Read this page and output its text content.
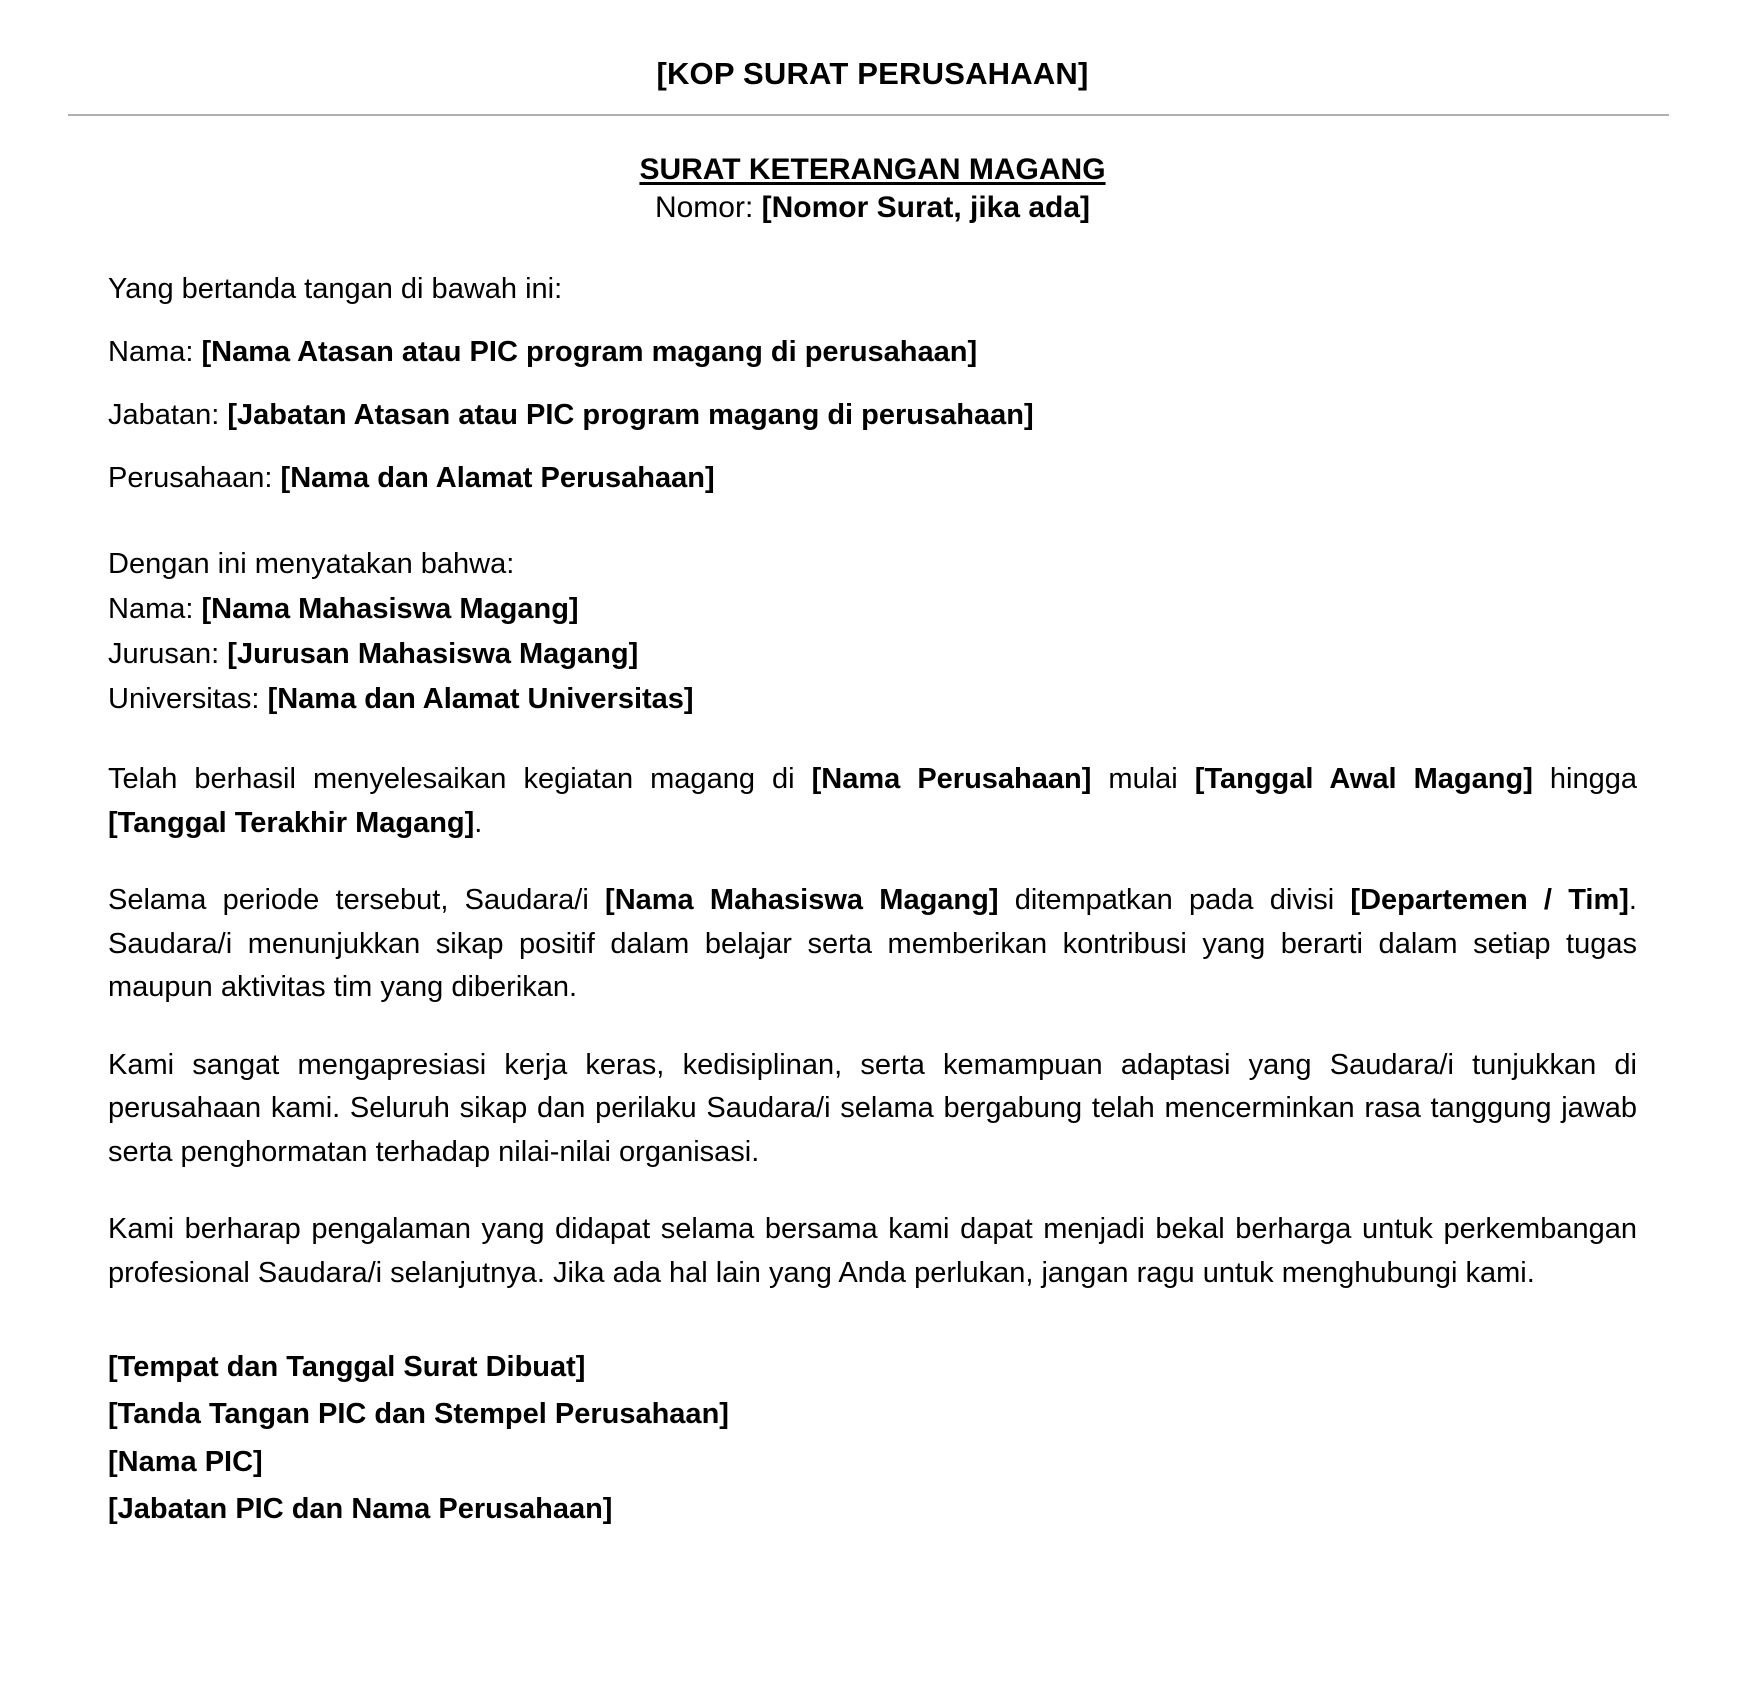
[KOP SURAT PERUSAHAAN]
SURAT KETERANGAN MAGANG
Nomor: [Nomor Surat, jika ada]
Yang bertanda tangan di bawah ini:
Nama: [Nama Atasan atau PIC program magang di perusahaan]
Jabatan: [Jabatan Atasan atau PIC program magang di perusahaan]
Perusahaan: [Nama dan Alamat Perusahaan]
Dengan ini menyatakan bahwa:
Nama: [Nama Mahasiswa Magang]
Jurusan: [Jurusan Mahasiswa Magang]
Universitas: [Nama dan Alamat Universitas]

Telah berhasil menyelesaikan kegiatan magang di [Nama Perusahaan] mulai [Tanggal Awal Magang] hingga [Tanggal Terakhir Magang].

Selama periode tersebut, Saudara/i [Nama Mahasiswa Magang] ditempatkan pada divisi [Departemen / Tim]. Saudara/i menunjukkan sikap positif dalam belajar serta memberikan kontribusi yang berarti dalam setiap tugas maupun aktivitas tim yang diberikan.

Kami sangat mengapresiasi kerja keras, kedisiplinan, serta kemampuan adaptasi yang Saudara/i tunjukkan di perusahaan kami. Seluruh sikap dan perilaku Saudara/i selama bergabung telah mencerminkan rasa tanggung jawab serta penghormatan terhadap nilai-nilai organisasi.

Kami berharap pengalaman yang didapat selama bersama kami dapat menjadi bekal berharga untuk perkembangan profesional Saudara/i selanjutnya. Jika ada hal lain yang Anda perlukan, jangan ragu untuk menghubungi kami.

[Tempat dan Tanggal Surat Dibuat]
[Tanda Tangan PIC dan Stempel Perusahaan]
[Nama PIC]
[Jabatan PIC dan Nama Perusahaan]
